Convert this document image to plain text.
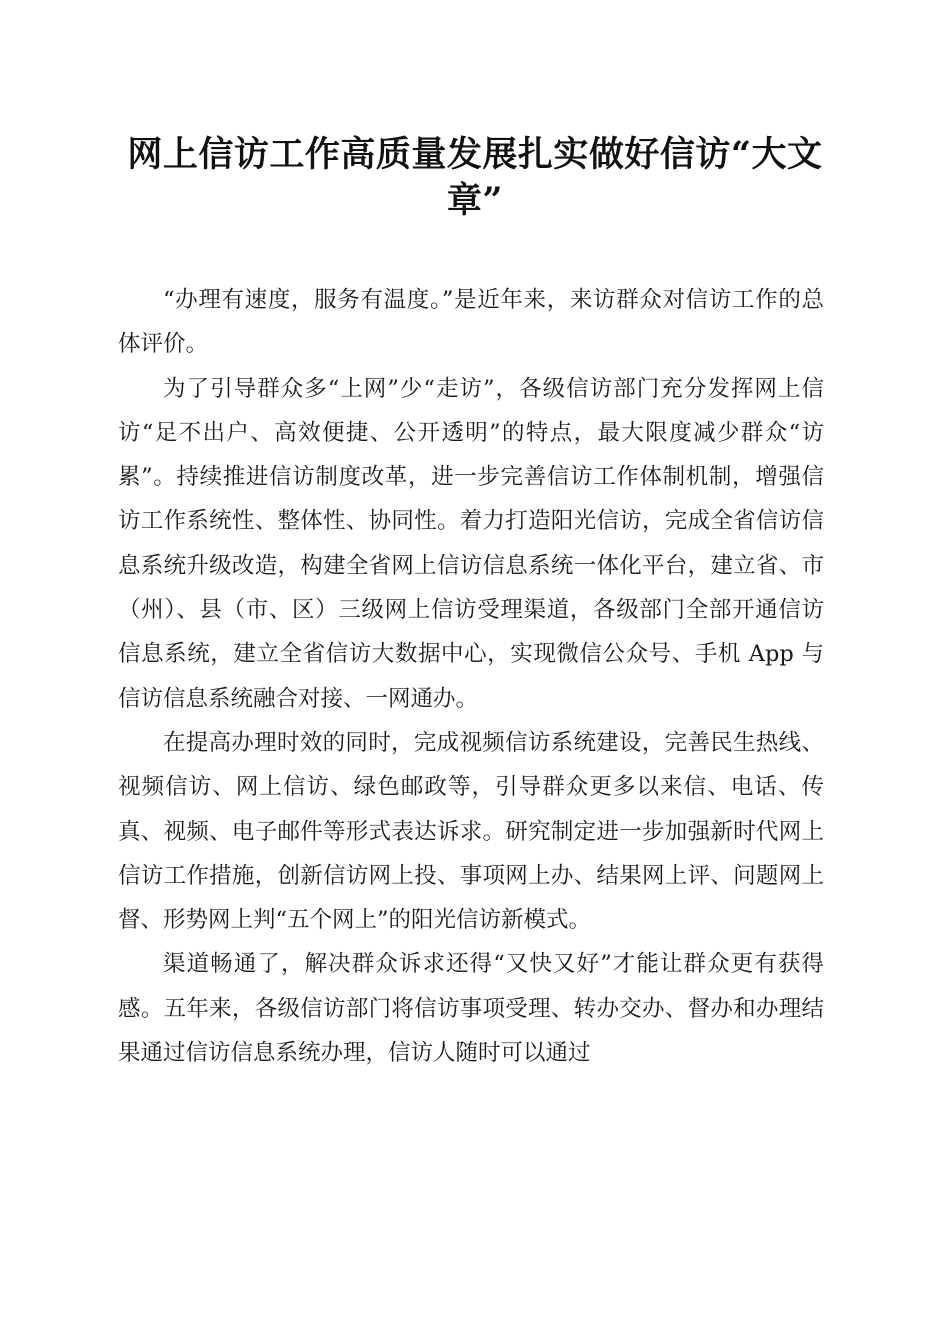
网上信访工作高质量发展扎实做好信访“大文章”

“办理有速度，服务有温度。”是近年来，来访群众对信访工作的总体评价。

为了引导群众多“上网”少“走访”，各级信访部门充分发挥网上信访“足不出户、高效便捷、公开透明”的特点，最大限度减少群众“访累”。持续推进信访制度改革，进一步完善信访工作体制机制，增强信访工作系统性、整体性、协同性。着力打造阳光信访，完成全省信访信息系统升级改造，构建全省网上信访信息系统一体化平台，建立省、市（州）、县（市、区）三级网上信访受理渠道，各级部门全部开通信访信息系统，建立全省信访大数据中心，实现微信公众号、手机 App 与信访信息系统融合对接、一网通办。

在提高办理时效的同时，完成视频信访系统建设，完善民生热线、视频信访、网上信访、绿色邮政等，引导群众更多以来信、电话、传真、视频、电子邮件等形式表达诉求。研究制定进一步加强新时代网上信访工作措施，创新信访网上投、事项网上办、结果网上评、问题网上督、形势网上判“五个网上”的阳光信访新模式。

渠道畅通了，解决群众诉求还得“又快又好”才能让群众更有获得感。五年来，各级信访部门将信访事项受理、转办交办、督办和办理结果通过信访信息系统办理，信访人随时可以通过
